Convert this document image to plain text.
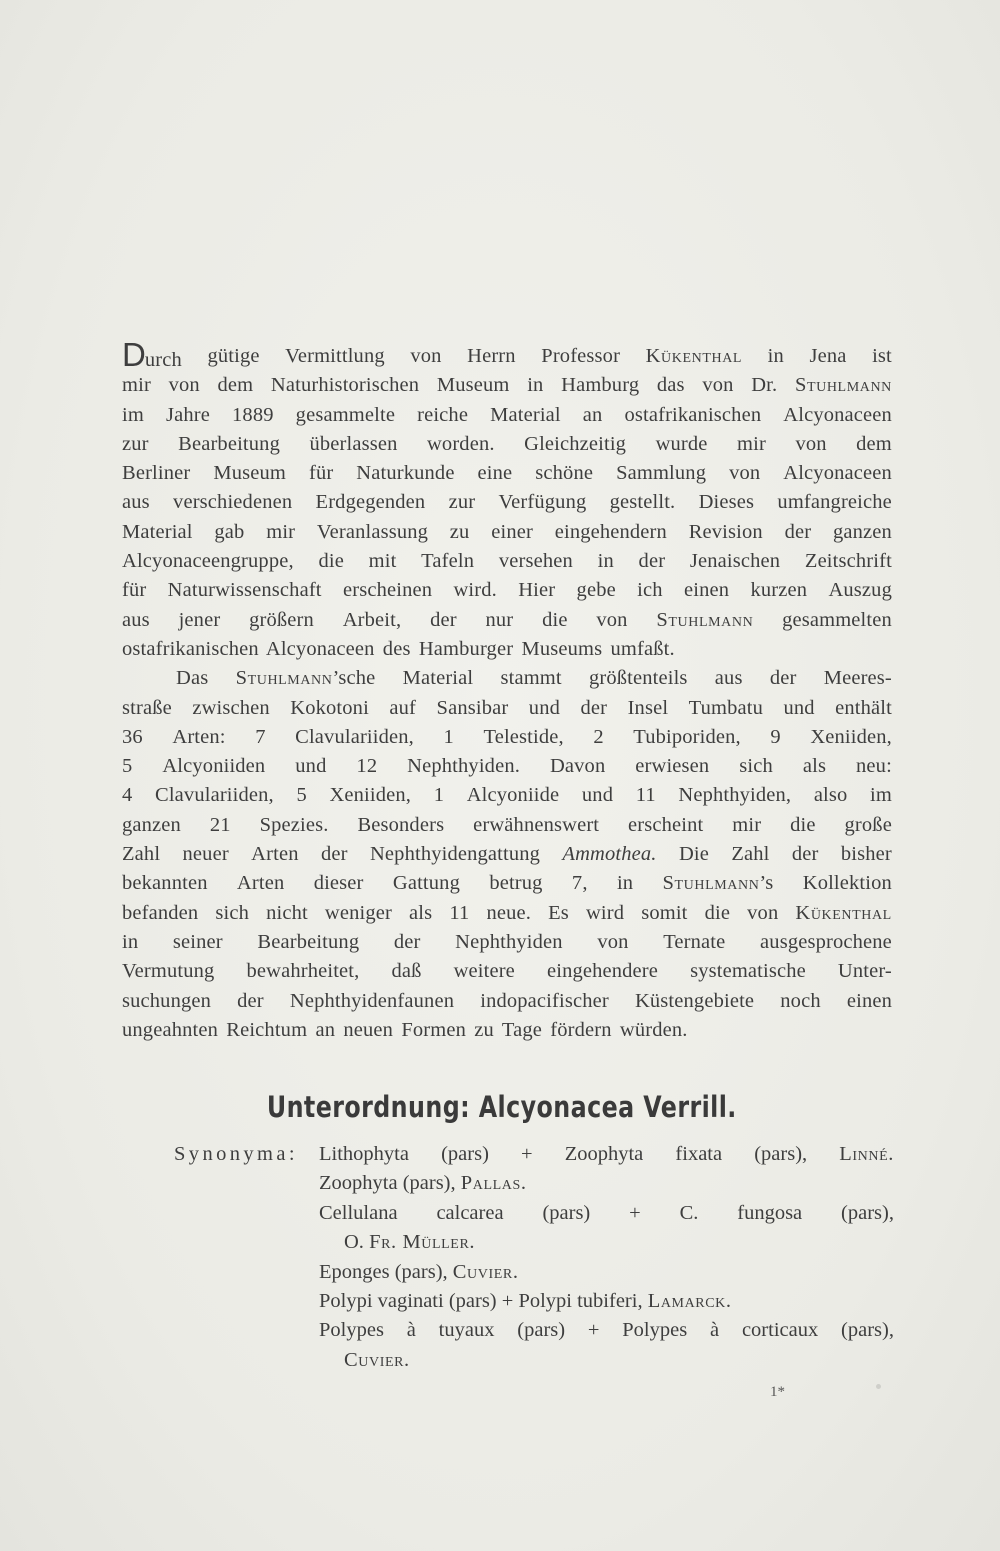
Durch gütige Vermittlung von Herrn Professor Kükenthal in Jena ist
mir von dem Naturhistorischen Museum in Hamburg das von Dr. Stuhlmann
im Jahre 1889 gesammelte reiche Material an ostafrikanischen Alcyonaceen
zur Bearbeitung überlassen worden. Gleichzeitig wurde mir von dem
Berliner Museum für Naturkunde eine schöne Sammlung von Alcyonaceen
aus verschiedenen Erdgegenden zur Verfügung gestellt. Dieses umfangreiche
Material gab mir Veranlassung zu einer eingehendern Revision der ganzen
Alcyonaceengruppe, die mit Tafeln versehen in der Jenaischen Zeitschrift
für Naturwissenschaft erscheinen wird. Hier gebe ich einen kurzen Auszug
aus jener größern Arbeit, der nur die von Stuhlmann gesammelten
ostafrikanischen Alcyonaceen des Hamburger Museums umfaßt.
Das Stuhlmann’sche Material stammt größtenteils aus der Meeres-
straße zwischen Kokotoni auf Sansibar und der Insel Tumbatu und enthält
36 Arten: 7 Clavulariiden, 1 Telestide, 2 Tubiporiden, 9 Xeniiden,
5 Alcyoniiden und 12 Nephthyiden. Davon erwiesen sich als neu:
4 Clavulariiden, 5 Xeniiden, 1 Alcyoniide und 11 Nephthyiden, also im
ganzen 21 Spezies. Besonders erwähnenswert erscheint mir die große
Zahl neuer Arten der Nephthyidengattung Ammothea. Die Zahl der bisher
bekannten Arten dieser Gattung betrug 7, in Stuhlmann’s Kollektion
befanden sich nicht weniger als 11 neue. Es wird somit die von Kükenthal
in seiner Bearbeitung der Nephthyiden von Ternate ausgesprochene
Vermutung bewahrheitet, daß weitere eingehendere systematische Unter-
suchungen der Nephthyidenfaunen indopacifischer Küstengebiete noch einen
ungeahnten Reichtum an neuen Formen zu Tage fördern würden.
Unterordnung: Alcyonacea Verrill.
Synonyma: Lithophyta (pars) + Zoophyta fixata (pars), Linné.
Zoophyta (pars), Pallas.
Cellulana calcarea (pars) + C. fungosa (pars),
O. Fr. Müller.
Eponges (pars), Cuvier.
Polypi vaginati (pars) + Polypi tubiferi, Lamarck.
Polypes à tuyaux (pars) + Polypes à corticaux (pars),
Cuvier.
1*
